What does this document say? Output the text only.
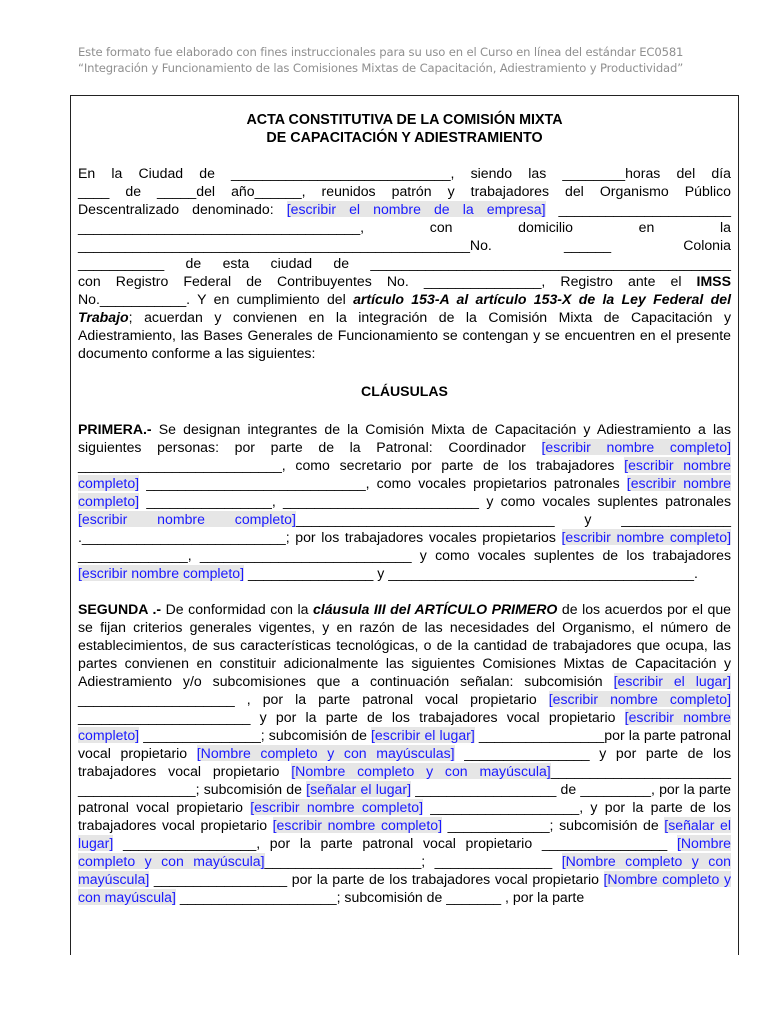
Este formato fue elaborado con fines instruccionales para su uso en el Curso en línea del estándar EC0581
“Integración y Funcionamiento de las Comisiones Mixtas de Capacitación, Adiestramiento y Productividad”
ACTA CONSTITUTIVA DE LA COMISIÓN MIXTA
DE CAPACITACIÓN Y ADIESTRAMIENTO
En la Ciudad de ____________________________, siendo las ________horas del día
____ de _____del año______, reunidos patrón y trabajadores del Organismo Público
Descentralizado denominado: [escribir el nombre de la empresa] ______________________
____________________________________, con domicilio en la
__________________________________________________No. ______ Colonia
___________ de esta ciudad de ______________________________________________
con Registro Federal de Contribuyentes No. _______________, Registro ante el IMSS
No.___________. Y en cumplimiento del artículo 153-A al artículo 153-X de la Ley Federal del Trabajo; acuerdan y convienen en la integración de la Comisión Mixta de Capacitación y Adiestramiento, las Bases Generales de Funcionamiento se contengan y se encuentren en el presente documento conforme a las siguientes:
CLÁUSULAS
PRIMERA.- Se designan integrantes de la Comisión Mixta de Capacitación y Adiestramiento a las siguientes personas: por parte de la Patronal: Coordinador [escribir nombre completo] __________________________, como secretario por parte de los trabajadores [escribir nombre completo] ____________________________, como vocales propietarios patronales [escribir nombre completo] ________________, _________________________ y como vocales suplentes patronales [escribir nombre completo]_________________________________ y ______________ .__________________________; por los trabajadores vocales propietarios [escribir nombre completo] ______________, ___________________________ y como vocales suplentes de los trabajadores [escribir nombre completo] ________________ y _______________________________________.
SEGUNDA .- De conformidad con la cláusula III del ARTÍCULO PRIMERO de los acuerdos por el que se fijan criterios generales vigentes, y en razón de las necesidades del Organismo, el número de establecimientos, de sus características tecnológicas, o de la cantidad de trabajadores que ocupa, las partes convienen en constituir adicionalmente las siguientes Comisiones Mixtas de Capacitación y Adiestramiento y/o subcomisiones que a continuación señalan: subcomisión [escribir el lugar] ____________________ , por la parte patronal vocal propietario [escribir nombre completo] ______________________ y por la parte de los trabajadores vocal propietario [escribir nombre completo] _______________; subcomisión de [escribir el lugar] ________________por la parte patronal vocal propietario [Nombre completo y con mayúsculas] ________________ y por parte de los trabajadores vocal propietario [Nombre completo y con mayúscula]_______________________ _______________; subcomisión de [señalar el lugar] __________________ de _________, por la parte patronal vocal propietario [escribir nombre completo] ___________________, y por la parte de los trabajadores vocal propietario [escribir nombre completo] _____________; subcomisión de [señalar el lugar] _________________, por la parte patronal vocal propietario ________________ [Nombre completo y con mayúscula]____________________; _______________ [Nombre completo y con mayúscula] _________________ por la parte de los trabajadores vocal propietario [Nombre completo y con mayúscula] ____________________; subcomisión de _______ , por la parte
